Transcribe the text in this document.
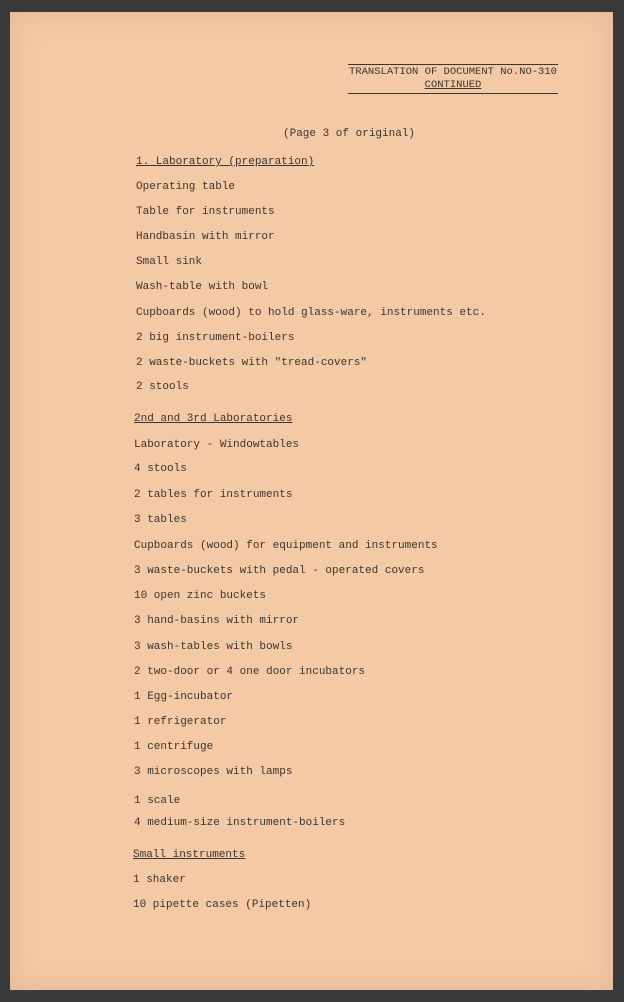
TRANSLATION OF DOCUMENT No.NO-310
CONTINUED
(Page 3 of original)
1. Laboratory (preparation)
Operating table
Table for instruments
Handbasin with mirror
Small sink
Wash-table with bowl
Cupboards (wood) to hold glass-ware, instruments etc.
2 big instrument-boilers
2 waste-buckets with "tread-covers"
2 stools
2nd and 3rd Laboratories
Laboratory - Windowtables
4 stools
2 tables for instruments
3 tables
Cupboards (wood) for equipment and instruments
3 waste-buckets with pedal - operated covers
10 open zinc buckets
3 hand-basins with mirror
3 wash-tables with bowls
2 two-door or 4 one door incubators
1 Egg-incubator
1 refrigerator
1 centrifuge
3 microscopes with lamps
1 scale
4 medium-size instrument-boilers
Small instruments
1 shaker
10 pipette cases (Pipetten)
